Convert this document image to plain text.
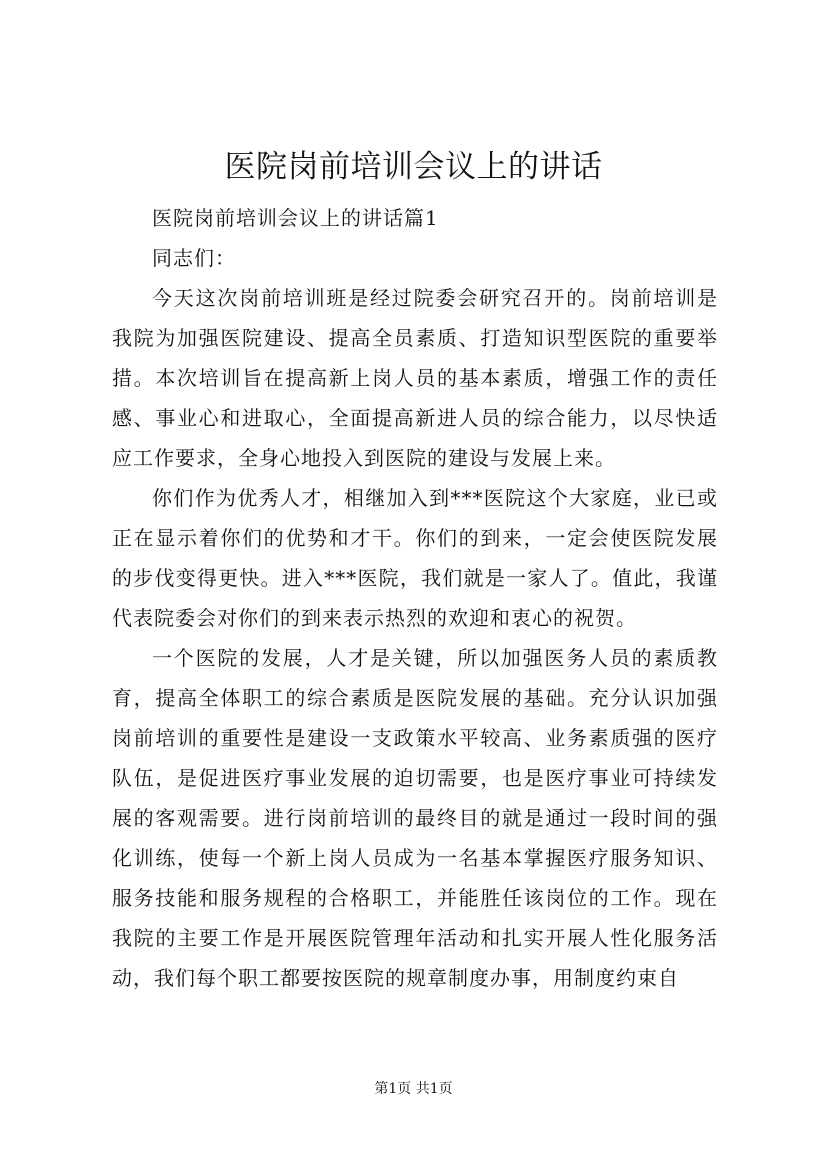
医院岗前培训会议上的讲话

医院岗前培训会议上的讲话篇1

同志们：

今天这次岗前培训班是经过院委会研究召开的。岗前培训是我院为加强医院建设、提高全员素质、打造知识型医院的重要举措。本次培训旨在提高新上岗人员的基本素质，增强工作的责任感、事业心和进取心，全面提高新进人员的综合能力，以尽快适应工作要求，全身心地投入到医院的建设与发展上来。

你们作为优秀人才，相继加入到***医院这个大家庭，业已或正在显示着你们的优势和才干。你们的到来，一定会使医院发展的步伐变得更快。进入***医院，我们就是一家人了。值此，我谨代表院委会对你们的到来表示热烈的欢迎和衷心的祝贺。

一个医院的发展，人才是关键，所以加强医务人员的素质教育，提高全体职工的综合素质是医院发展的基础。充分认识加强岗前培训的重要性是建设一支政策水平较高、业务素质强的医疗队伍，是促进医疗事业发展的迫切需要，也是医疗事业可持续发展的客观需要。进行岗前培训的最终目的就是通过一段时间的强化训练，使每一个新上岗人员成为一名基本掌握医疗服务知识、服务技能和服务规程的合格职工，并能胜任该岗位的工作。现在我院的主要工作是开展医院管理年活动和扎实开展人性化服务活动，我们每个职工都要按医院的规章制度办事，用制度约束自

第1页 共1页
